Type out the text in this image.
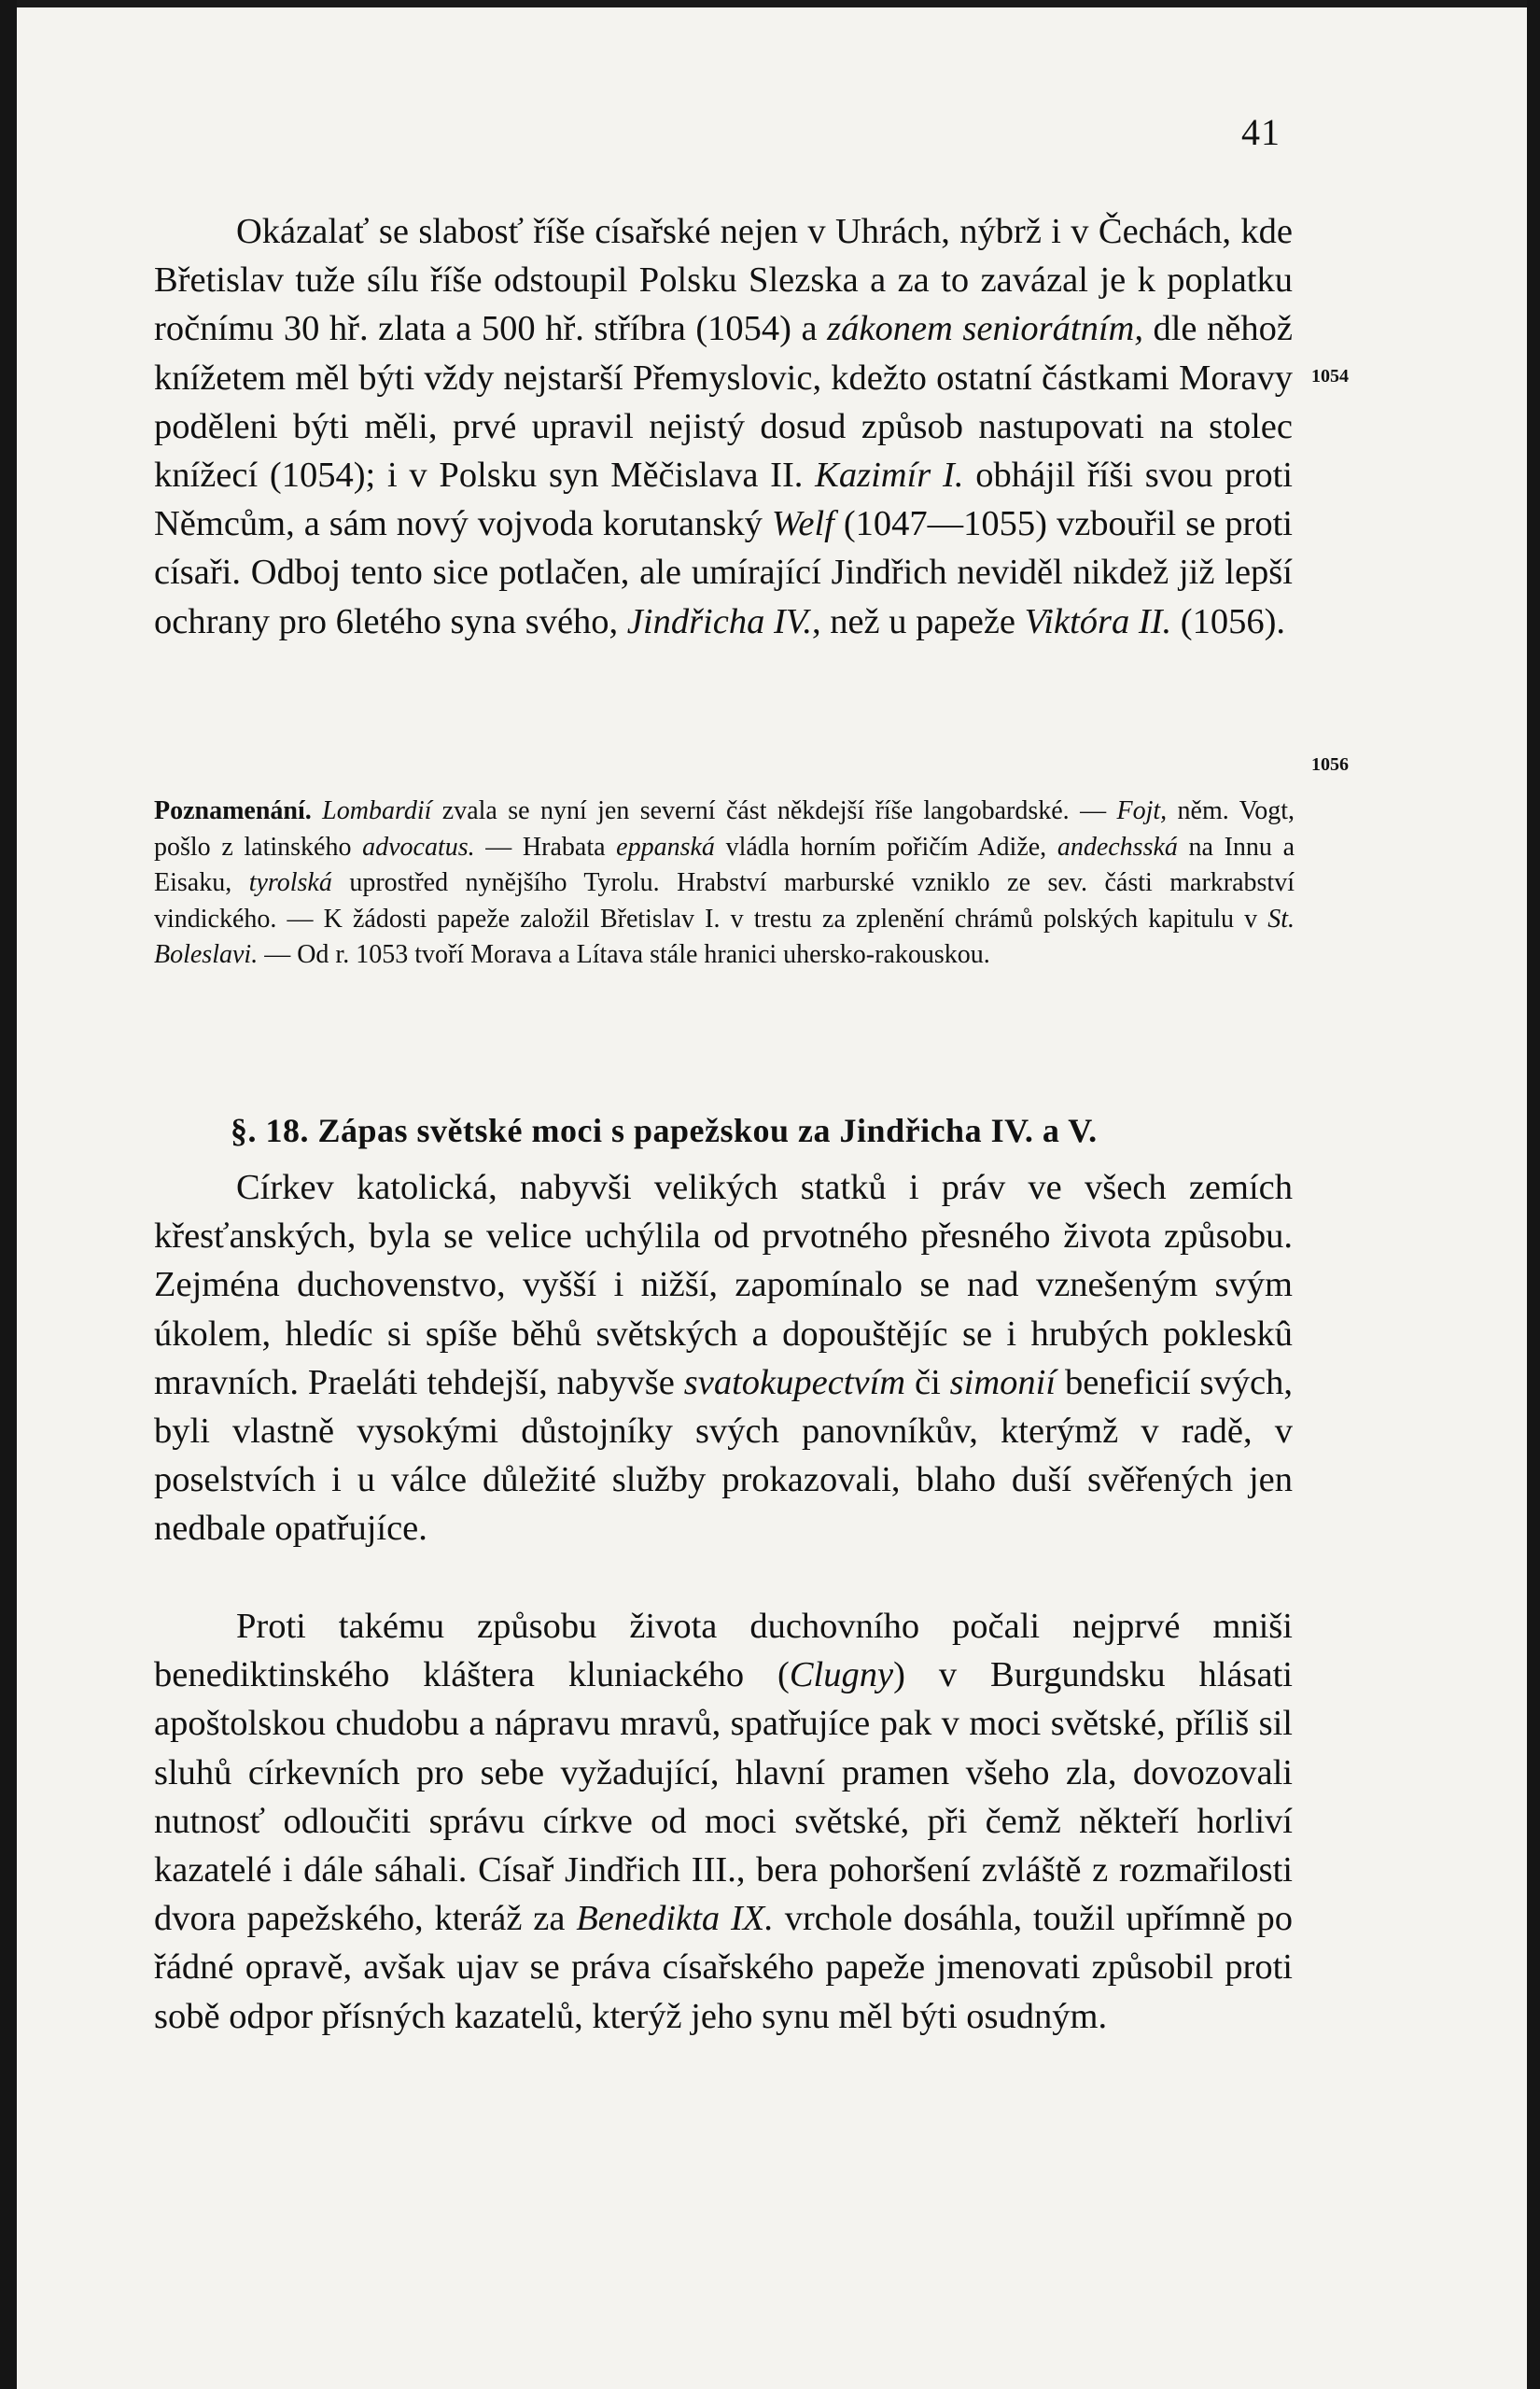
41

Okázalať se slabosť říše císařské nejen v Uhrách, nýbrž i v Čechách, kde Břetislav tuže sílu říše odstoupil Polsku Slezska a za to zavázal je k poplatku ročnímu 30 hř. zlata a 500 hř. stříbra (1054) a zákonem seniorátním, dle něhož knížetem měl býti vždy nejstarší Přemyslovic, kdežto ostatní částkami Moravy poděleni býti měli, prvé upravil nejistý dosud způsob nastupovati na stolec knížecí (1054); i v Polsku syn Měčislava II. Kazimír I. obhájil říši svou proti Němcům, a sám nový vojvoda korutanský Welf (1047—1055) vzbouřil se proti císaři. Odboj tento sice potlačen, ale umírající Jindřich neviděl nikdež již lepší ochrany pro 6letého syna svého, Jindřicha IV., než u papeže Viktóra II. (1056).

1054
1056

Poznamenání. Lombardií zvala se nyní jen severní část někdejší říše langobardské. — Fojt, něm. Vogt, pošlo z latinského advocatus. — Hrabata eppanská vládla horním pořičím Adiže, andechsská na Innu a Eisaku, tyrolská uprostřed nynějšího Tyrolu. Hrabství marburské vzniklo ze sev. části markrabství vindického. — K žádosti papeže založil Břetislav I. v trestu za zplenění chrámů polských kapitulu v St. Boleslavi. — Od r. 1053 tvoří Morava a Lítava stále hranici uhersko-rakouskou.

§. 18. Zápas světské moci s papežskou za Jindřicha IV. a V.

Církev katolická, nabyvši velikých statků i práv ve všech zemích křesťanských, byla se velice uchýlila od prvotného přesného života způsobu. Zejména duchovenstvo, vyšší i nižší, zapomínalo se nad vznešeným svým úkolem, hledíc si spíše běhů světských a dopouštějíc se i hrubých pokleskû mravních. Praeláti tehdejší, nabyvše svatokupectvím či simonií beneficií svých, byli vlastně vysokými důstojníky svých panovníkův, kterýmž v radě, v poselstvích i u válce důležité služby prokazovali, blaho duší svěřených jen nedbale opatřujíce.

Proti takému způsobu života duchovního počali nejprvé mniši benediktinského kláštera kluniackého (Clugny) v Burgundsku hlásati apoštolskou chudobu a nápravu mravů, spatřujíce pak v moci světské, příliš sil sluhů církevních pro sebe vyžadující, hlavní pramen všeho zla, dovozovali nutnosť odloučiti správu církve od moci světské, při čemž někteří horliví kazatelé i dále sáhali. Císař Jindřich III., bera pohoršení zvláště z rozmařilosti dvora papežského, kteráž za Benedikta IX. vrchole dosáhla, toužil upřímně po řádné opravě, avšak ujav se práva císařského papeže jmenovati způsobil proti sobě odpor přísných kazatelů, kterýž jeho synu měl býti osudným.
